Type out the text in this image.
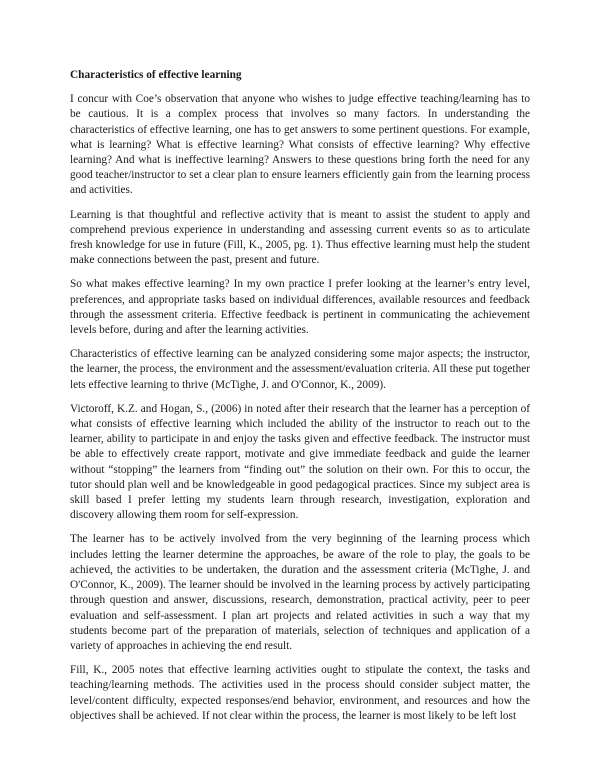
Characteristics of effective learning

I concur with Coe’s observation that anyone who wishes to judge effective teaching/learning has to be cautious. It is a complex process that involves so many factors. In understanding the characteristics of effective learning, one has to get answers to some pertinent questions. For example, what is learning? What is effective learning? What consists of effective learning? Why effective learning? And what is ineffective learning? Answers to these questions bring forth the need for any good teacher/instructor to set a clear plan to ensure learners efficiently gain from the learning process and activities.

Learning is that thoughtful and reflective activity that is meant to assist the student to apply and comprehend previous experience in understanding and assessing current events so as to articulate fresh knowledge for use in future (Fill, K., 2005, pg. 1). Thus effective learning must help the student make connections between the past, present and future.

So what makes effective learning? In my own practice I prefer looking at the learner’s entry level, preferences, and appropriate tasks based on individual differences, available resources and feedback through the assessment criteria. Effective feedback is pertinent in communicating the achievement levels before, during and after the learning activities.

Characteristics of effective learning can be analyzed considering some major aspects; the instructor, the learner, the process, the environment and the assessment/evaluation criteria. All these put together lets effective learning to thrive (McTighe, J. and O'Connor, K., 2009).

Victoroff, K.Z. and Hogan, S., (2006) in noted after their research that the learner has a perception of what consists of effective learning which included the ability of the instructor to reach out to the learner, ability to participate in and enjoy the tasks given and effective feedback. The instructor must be able to effectively create rapport, motivate and give immediate feedback and guide the learner without “stopping” the learners from “finding out” the solution on their own. For this to occur, the tutor should plan well and be knowledgeable in good pedagogical practices. Since my subject area is skill based I prefer letting my students learn through research, investigation, exploration and discovery allowing them room for self-expression.

The learner has to be actively involved from the very beginning of the learning process which includes letting the learner determine the approaches, be aware of the role to play, the goals to be achieved, the activities to be undertaken, the duration and the assessment criteria (McTighe, J. and O'Connor, K., 2009). The learner should be involved in the learning process by actively participating through question and answer, discussions, research, demonstration, practical activity, peer to peer evaluation and self-assessment. I plan art projects and related activities in such a way that my students become part of the preparation of materials, selection of techniques and application of a variety of approaches in achieving the end result.

Fill, K., 2005 notes that effective learning activities ought to stipulate the context, the tasks and teaching/learning methods. The activities used in the process should consider subject matter, the level/content difficulty, expected responses/end behavior, environment, and resources and how the objectives shall be achieved. If not clear within the process, the learner is most likely to be left lost
